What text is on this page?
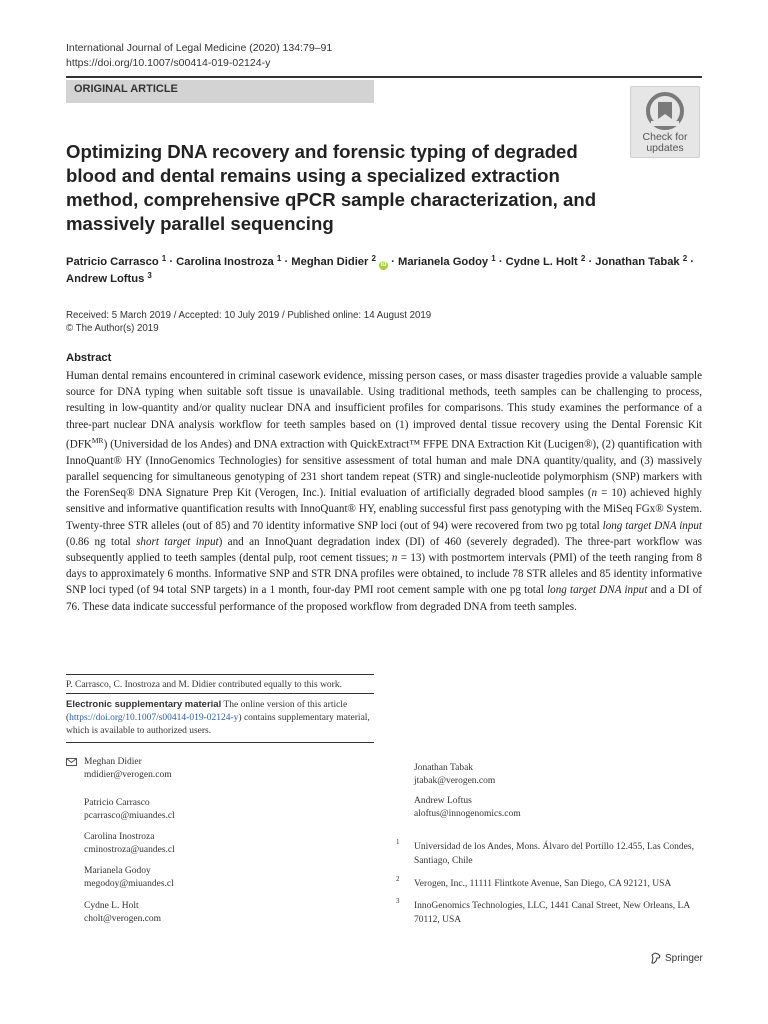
International Journal of Legal Medicine (2020) 134:79–91
https://doi.org/10.1007/s00414-019-02124-y
ORIGINAL ARTICLE
Check for
updates
Optimizing DNA recovery and forensic typing of degraded blood and dental remains using a specialized extraction method, comprehensive qPCR sample characterization, and massively parallel sequencing
Patricio Carrasco $^1$ · Carolina Inostroza $^1$ · Meghan Didier $^2$ iD · Marianela Godoy $^1$ · Cydne L. Holt $^2$ · Jonathan Tabak $^2$ ·
Andrew Loftus $^3$
Received: 5 March 2019 / Accepted: 10 July 2019 / Published online: 14 August 2019
© The Author(s) 2019
Abstract

Human dental remains encountered in criminal casework evidence, missing person cases, or mass disaster tragedies provide a valuable sample source for DNA typing when suitable soft tissue is unavailable. Using traditional methods, teeth samples can be challenging to process, resulting in low-quantity and/or quality nuclear DNA and insufficient profiles for comparisons. This study examines the performance of a three-part nuclear DNA analysis workflow for teeth samples based on (1) improved dental tissue recovery using the Dental Forensic Kit $(DFK^{MR})$ (Universidad de los Andes) and DNA extraction with QuickExtract™ FFPE DNA Extraction Kit (Lucigen®), (2) quantification with InnoQuant® HY (InnoGenomics Technologies) for sensitive assessment of total human and male DNA quantity/quality, and (3) massively parallel sequencing for simultaneous genotyping of 231 short tandem repeat (STR) and single-nucleotide polymorphism (SNP) markers with the ForenSeq® DNA Signature Prep Kit (Verogen, Inc.). Initial evaluation of artificially degraded blood samples (n = 10) achieved highly sensitive and informative quantification results with InnoQuant® HY, enabling successful first pass genotyping with the MiSeq FGx® System. Twenty-three STR alleles (out of 85) and 70 identity informative SNP loci (out of 94) were recovered from two pg total long target DNA input (0.86 ng total short target input) and an InnoQuant degradation index (DI) of 460 (severely degraded). The three-part workflow was subsequently applied to teeth samples (dental pulp, root cement tissues; n = 13) with postmortem intervals (PMI) of the teeth ranging from 8 days to approximately 6 months. Informative SNP and STR DNA profiles were obtained, to include 78 STR alleles and 85 identity informative SNP loci typed (of 94 total SNP targets) in a 1 month, four-day PMI root cement sample with one pg total long target DNA input and a DI of 76. These data indicate successful performance of the proposed workflow from degraded DNA from teeth samples.

P. Carrasco, C. Inostroza and M. Didier contributed equally to this work.
Electronic supplementary material The online version of this article (https://doi.org/10.1007/s00414-019-02124-y) contains supplementary material, which is available to authorized users.
Meghan Didier
mdidier@verogen.com
Patricio Carrasco
pcarrasco@miuandes.cl
Carolina Inostroza
cminostroza@uandes.cl
Marianela Godoy
megodoy@miuandes.cl
Cydne L. Holt
cholt@verogen.com
Jonathan Tabak
jtabak@verogen.com
Andrew Loftus
aloftus@innogenomics.com
1 Universidad de los Andes, Mons. Álvaro del Portillo 12.455, Las Condes, Santiago, Chile
2 Verogen, Inc., 11111 Flintkote Avenue, San Diego, CA 92121, USA
3 InnoGenomics Technologies, LLC, 1441 Canal Street, New Orleans, LA 70112, USA
Springer
